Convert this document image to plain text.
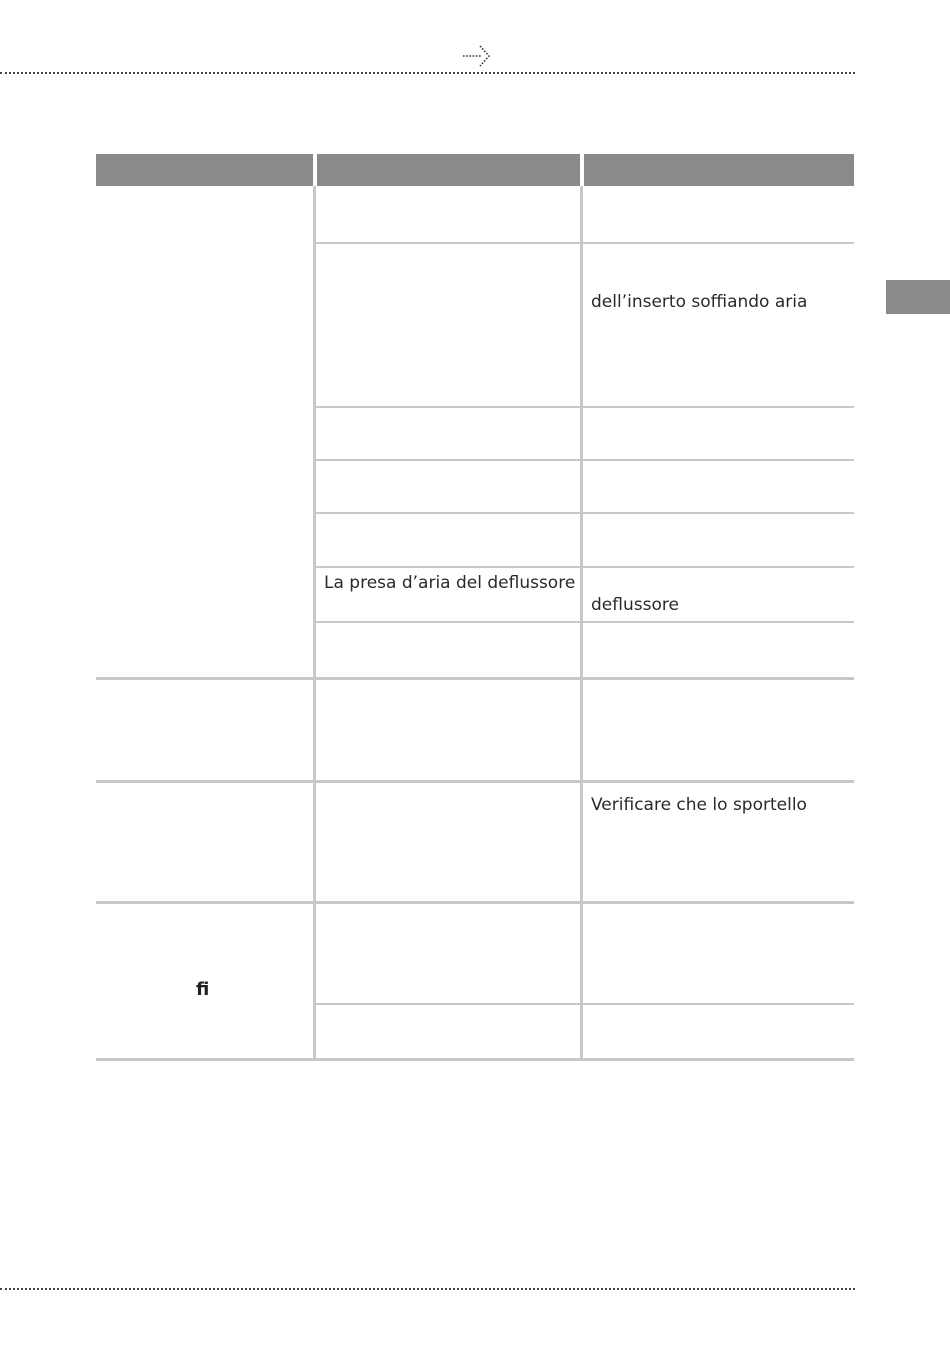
dell’inserto soffiando aria
La presa d’aria del deflussore
deflussore
Verificare che lo sportello
ﬁ
